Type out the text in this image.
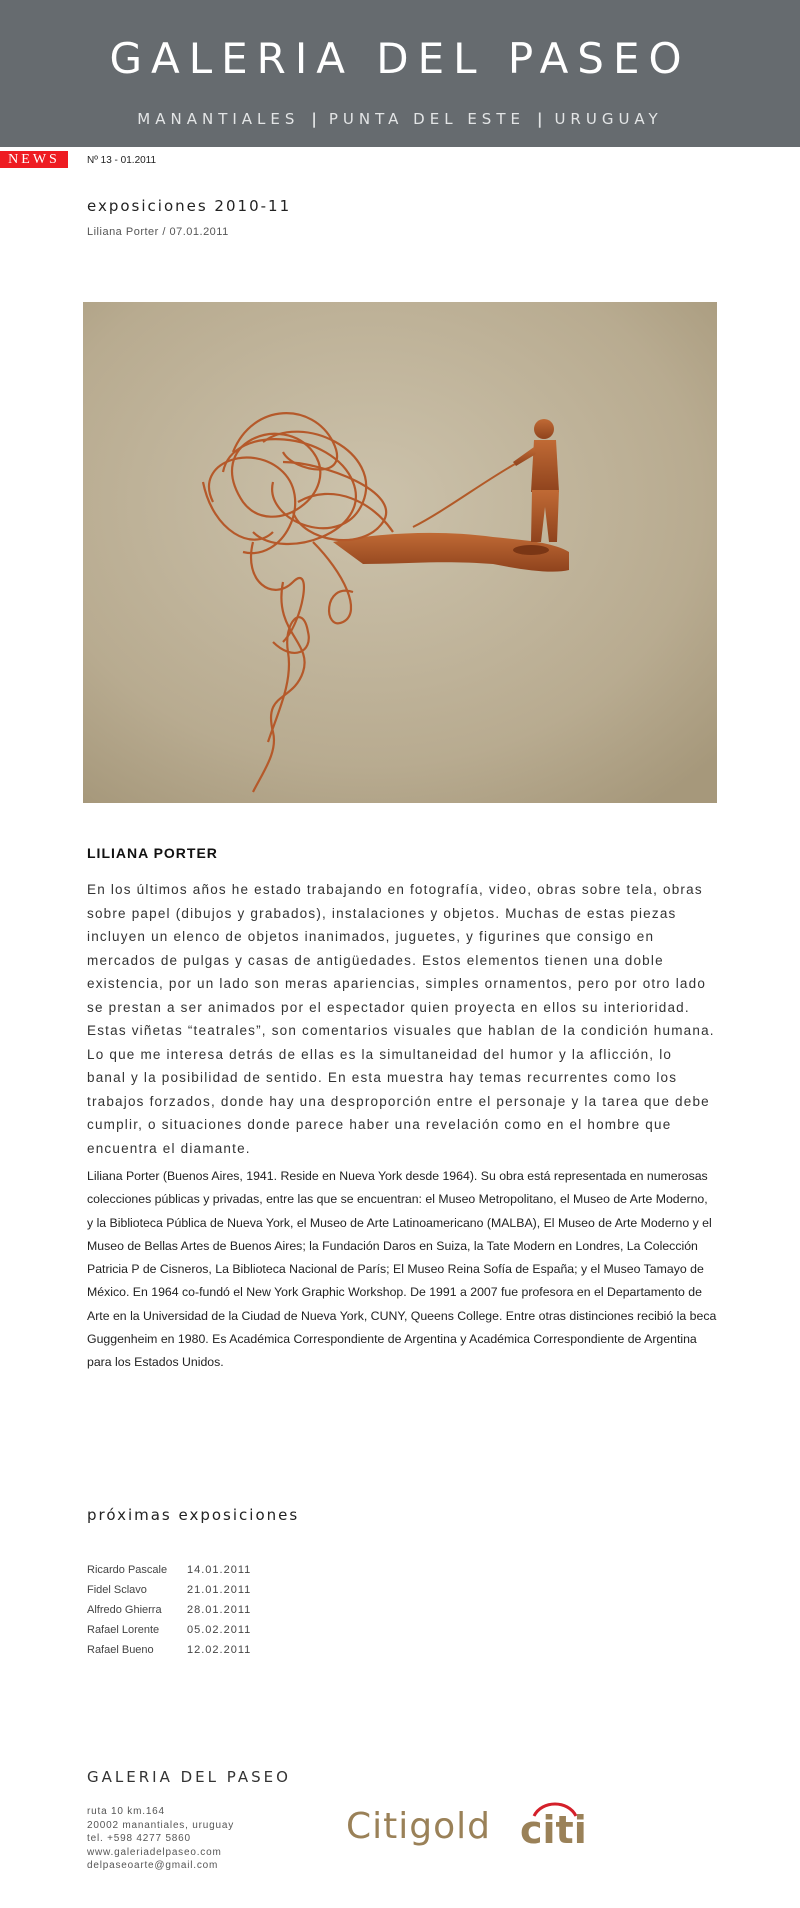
GALERIA DEL PASEO
MANANTIALES | PUNTA DEL ESTE | URUGUAY
NEWS	Nº 13 - 01.2011
exposiciones 2010-11
Liliana Porter / 07.01.2011
LILIANA PORTER

En los últimos años he estado trabajando en fotografía, video, obras sobre tela, obras sobre papel (dibujos y grabados), instalaciones y objetos. Muchas de estas piezas incluyen un elenco de objetos inanimados, juguetes, y figurines que consigo en mercados de pulgas y casas de antigüedades. Estos elementos tienen una doble existencia, por un lado son meras apariencias, simples ornamentos, pero por otro lado se prestan a ser animados por el espectador quien proyecta en ellos su interioridad. Estas viñetas “teatrales”, son comentarios visuales que hablan de la condición humana. Lo que me interesa detrás de ellas es la simultaneidad del humor y la aflicción, lo banal y la posibilidad de sentido. En esta muestra hay temas recurrentes como los trabajos forzados, donde hay una desproporción entre el personaje y la tarea que debe cumplir, o situaciones donde parece haber una revelación como en el hombre que encuentra el diamante.

Liliana Porter (Buenos Aires, 1941. Reside en Nueva York desde 1964). Su obra está representada en numerosas colecciones públicas y privadas, entre las que se encuentran: el Museo Metropolitano, el Museo de Arte Moderno, y la Biblioteca Pública de Nueva York, el Museo de Arte Latinoamericano (MALBA), El Museo de Arte Moderno y el Museo de Bellas Artes de Buenos Aires; la Fundación Daros en Suiza, la Tate Modern en Londres, La Colección Patricia P de Cisneros, La Biblioteca Nacional de París; El Museo Reina Sofía de España; y el Museo Tamayo de México. En 1964 co-fundó el New York Graphic Workshop. De 1991 a 2007 fue profesora en el Departamento de Arte en la Universidad de la Ciudad de Nueva York, CUNY, Queens College. Entre otras distinciones recibió la beca Guggenheim en 1980. Es Académica Correspondiente de Argentina y Académica Correspondiente de Argentina para los Estados Unidos.

próximas exposiciones
Ricardo Pascale	14.01.2011
Fidel Sclavo	21.01.2011
Alfredo Ghierra	28.01.2011
Rafael Lorente	05.02.2011
Rafael Bueno	12.02.2011
GALERIA DEL PASEO
ruta 10 km.164
20002 manantiales, uruguay
tel. +598 4277 5860
www.galeriadelpaseo.com
delpaseoarte@gmail.com
Citigold citi
